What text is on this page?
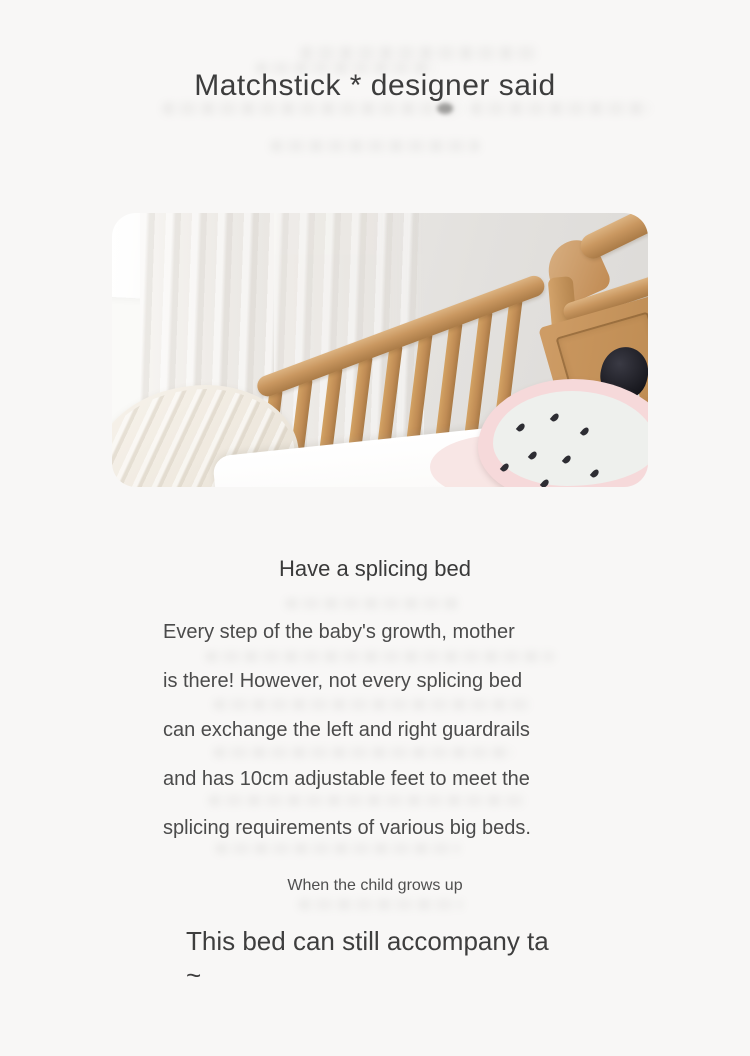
Matchstick * designer said
Have a splicing bed
Every step of the baby's growth, mother
is there! However, not every splicing bed
can exchange the left and right guardrails
and has 10cm adjustable feet to meet the
splicing requirements of various big beds.
When the child grows up
This bed can still accompany ta
~
